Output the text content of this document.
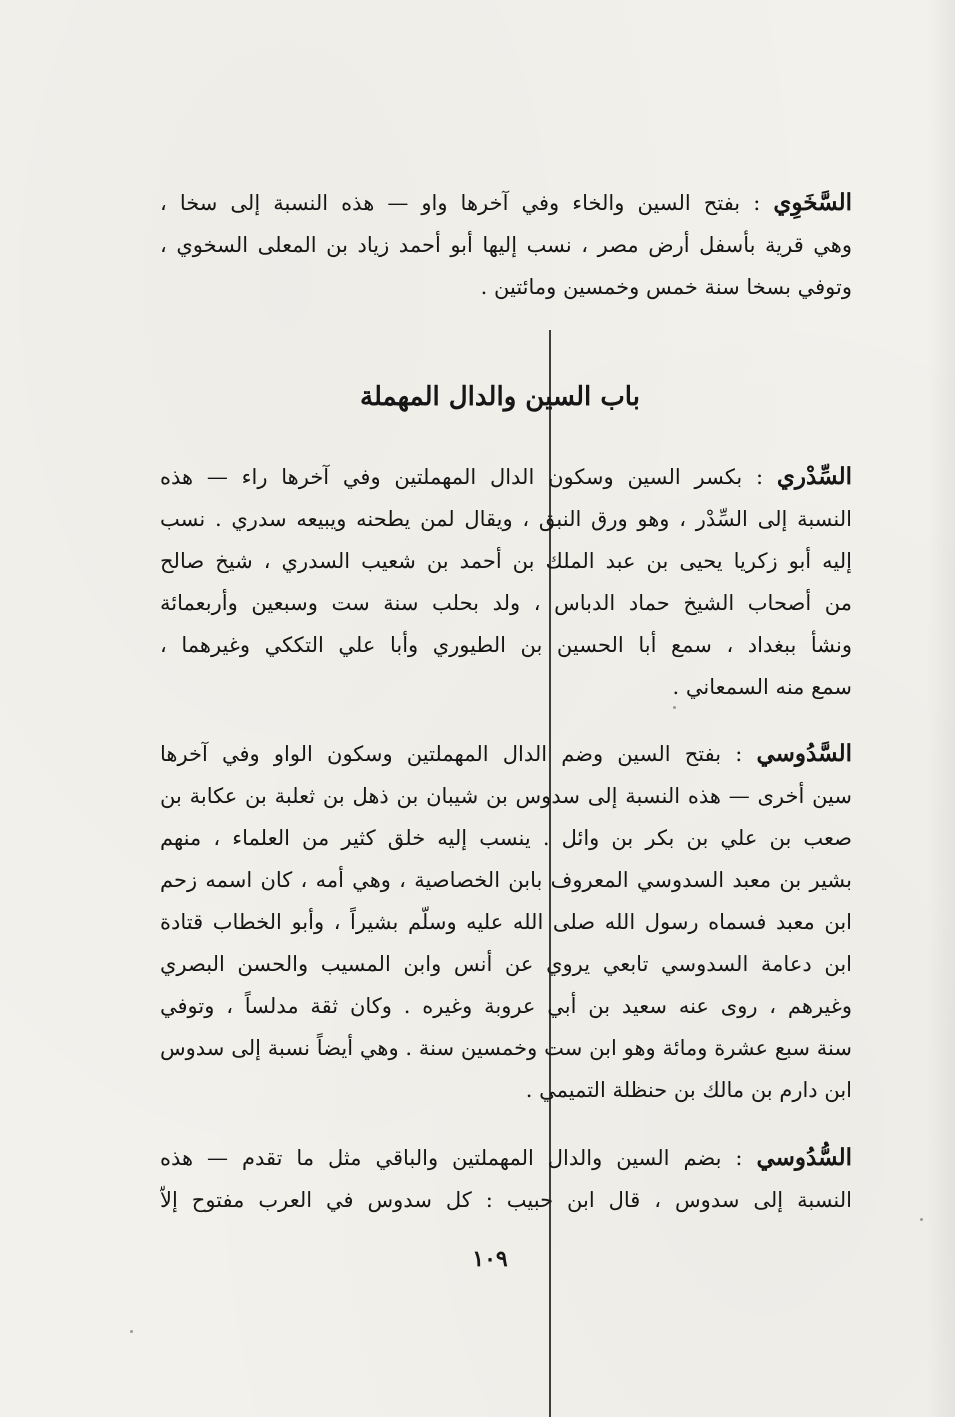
السَّخَوِي : بفتح السين والخاء وفي آخرها واو — هذه النسبة إلى سخا ،

وهي قرية بأسفل أرض مصر ، نسب إليها أبو أحمد زياد بن المعلى السخوي ،

وتوفي بسخا سنة خمس وخمسين ومائتين .

باب السين والدال المهملة

السِّدْري : بكسر السين وسكون الدال المهملتين وفي آخرها راء — هذه

النسبة إلى السِّدْر ، وهو ورق النبق ، ويقال لمن يطحنه ويبيعه سدري . نسب

إليه أبو زكريا يحيى بن عبد الملك بن أحمد بن شعيب السدري ، شيخ صالح

من أصحاب الشيخ حماد الدباس ، ولد بحلب سنة ست وسبعين وأربعمائة

ونشأ ببغداد ، سمع أبا الحسين بن الطيوري وأبا علي التككي وغيرهما ،

سمع منه السمعاني .

السَّدُوسي : بفتح السين وضم الدال المهملتين وسكون الواو وفي آخرها

سين أخرى — هذه النسبة إلى سدوس بن شيبان بن ذهل بن ثعلبة بن عكابة بن

صعب بن علي بن بكر بن وائل . ينسب إليه خلق كثير من العلماء ، منهم

بشير بن معبد السدوسي المعروف بابن الخصاصية ، وهي أمه ، كان اسمه زحم

ابن معبد فسماه رسول الله صلى الله عليه وسلّم بشيراً ، وأبو الخطاب قتادة

ابن دعامة السدوسي تابعي يروي عن أنس وابن المسيب والحسن البصري

وغيرهم ، روى عنه سعيد بن أبي عروبة وغيره . وكان ثقة مدلساً ، وتوفي

سنة سبع عشرة ومائة وهو ابن ست وخمسين سنة . وهي أيضاً نسبة إلى سدوس

ابن دارم بن مالك بن حنظلة التميمي .

السُّدُوسي : بضم السين والدال المهملتين والباقي مثل ما تقدم — هذه

النسبة إلى سدوس ، قال ابن حبيب : كل سدوس في العرب مفتوح إلاّ

١٠٩
